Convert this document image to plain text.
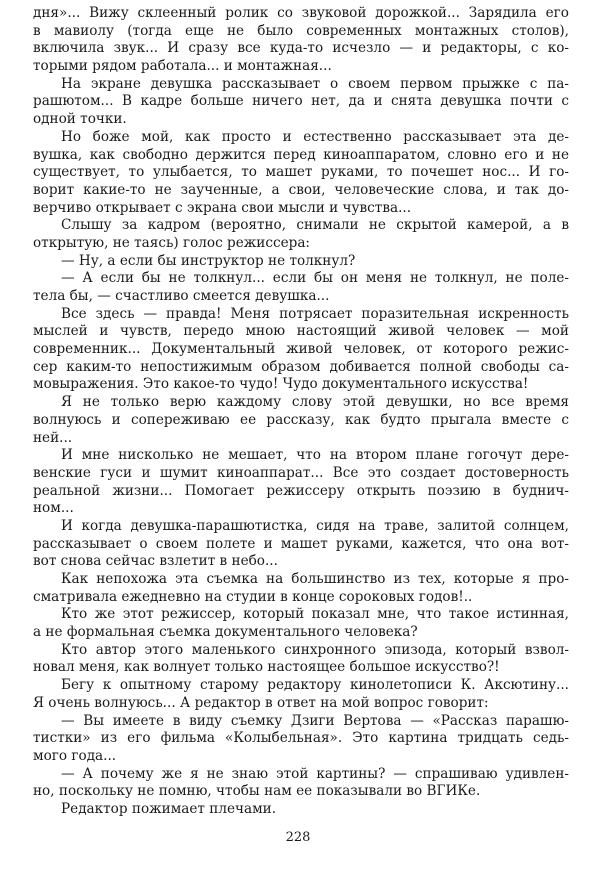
дня»... Вижу склеенный ролик со звуковой дорожкой... Зарядила его
в мавиолу (тогда еще не было современных монтажных столов),
включила звук... И сразу все куда-то исчезло — и редакторы, с ко-
торыми рядом работала... и монтажная...
На экране девушка рассказывает о своем первом прыжке с па-
рашютом... В кадре больше ничего нет, да и снята девушка почти с
одной точки.
Но боже мой, как просто и естественно рассказывает эта де-
вушка, как свободно держится перед киноаппаратом, словно его и не
существует, то улыбается, то машет руками, то почешет нос... И го-
ворит какие-то не заученные, а свои, человеческие слова, и так до-
верчиво открывает с экрана свои мысли и чувства...
Слышу за кадром (вероятно, снимали не скрытой камерой, а в
открытую, не таясь) голос режиссера:
— Ну, а если бы инструктор не толкнул?
— А если бы не толкнул... если бы он меня не толкнул, не поле-
тела бы, — счастливо смеется девушка...
Все здесь — правда! Меня потрясает поразительная искренность
мыслей и чувств, передо мною настоящий живой человек — мой
современник... Документальный живой человек, от которого режис-
сер каким-то непостижимым образом добивается полной свободы са-
мовыражения. Это какое-то чудо! Чудо документального искусства!
Я не только верю каждому слову этой девушки, но все время
волнуюсь и сопереживаю ее рассказу, как будто прыгала вместе с
ней...
И мне нисколько не мешает, что на втором плане гогочут дере-
венские гуси и шумит киноаппарат... Все это создает достоверность
реальной жизни... Помогает режиссеру открыть поэзию в буднич-
ном...
И когда девушка-парашютистка, сидя на траве, залитой солнцем,
рассказывает о своем полете и машет руками, кажется, что она вот-
вот снова сейчас взлетит в небо...
Как непохожа эта съемка на большинство из тех, которые я про-
сматривала ежедневно на студии в конце сороковых годов!..
Кто же этот режиссер, который показал мне, что такое истинная,
а не формальная съемка документального человека?
Кто автор этого маленького синхронного эпизода, который взвол-
новал меня, как волнует только настоящее большое искусство?!
Бегу к опытному старому редактору кинолетописи К. Аксютину...
Я очень волнуюсь... А редактор в ответ на мой вопрос говорит:
— Вы имеете в виду съемку Дзиги Вертова — «Рассказ парашю-
тистки» из его фильма «Колыбельная». Это картина тридцать седь-
мого года...
— А почему же я не знаю этой картины? — спрашиваю удивлен-
но, поскольку не помню, чтобы нам ее показывали во ВГИКе.
Редактор пожимает плечами.
228
